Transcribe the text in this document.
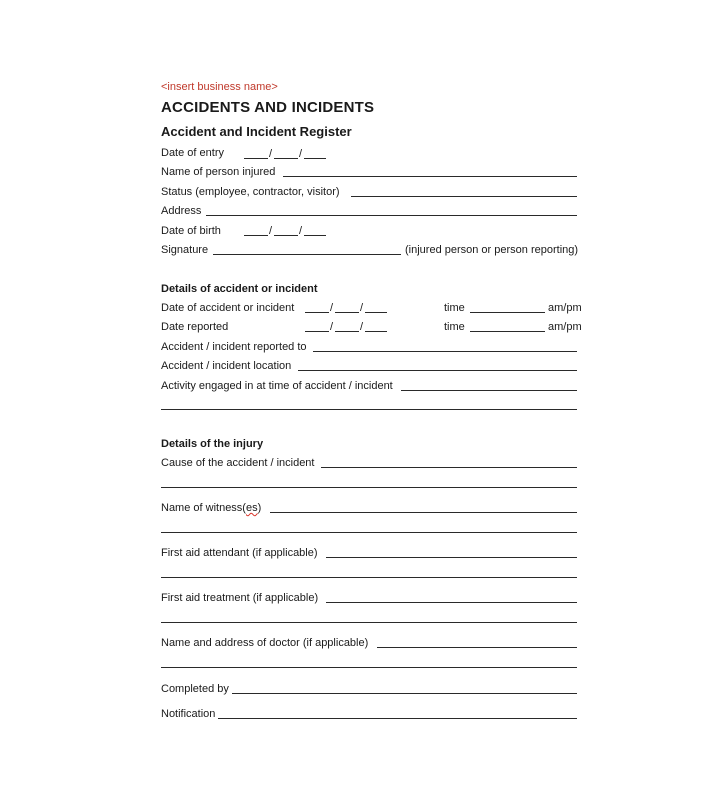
<insert business name>
ACCIDENTS AND INCIDENTS
Accident and Incident Register
Date of entry	/ /
Name of person injured
Status (employee, contractor, visitor)
Address
Date of birth	/ /
Signature	(injured person or person reporting)
Details of accident or incident
Date of accident or incident	/ /	time	am/pm
Date reported	/ /	time	am/pm
Accident / incident reported to
Accident / incident location
Activity engaged in at time of accident / incident
Details of the injury
Cause of the accident / incident
Name of witness(es)
First aid attendant (if applicable)
First aid treatment (if applicable)
Name and address of doctor (if applicable)
Completed by
Notification
